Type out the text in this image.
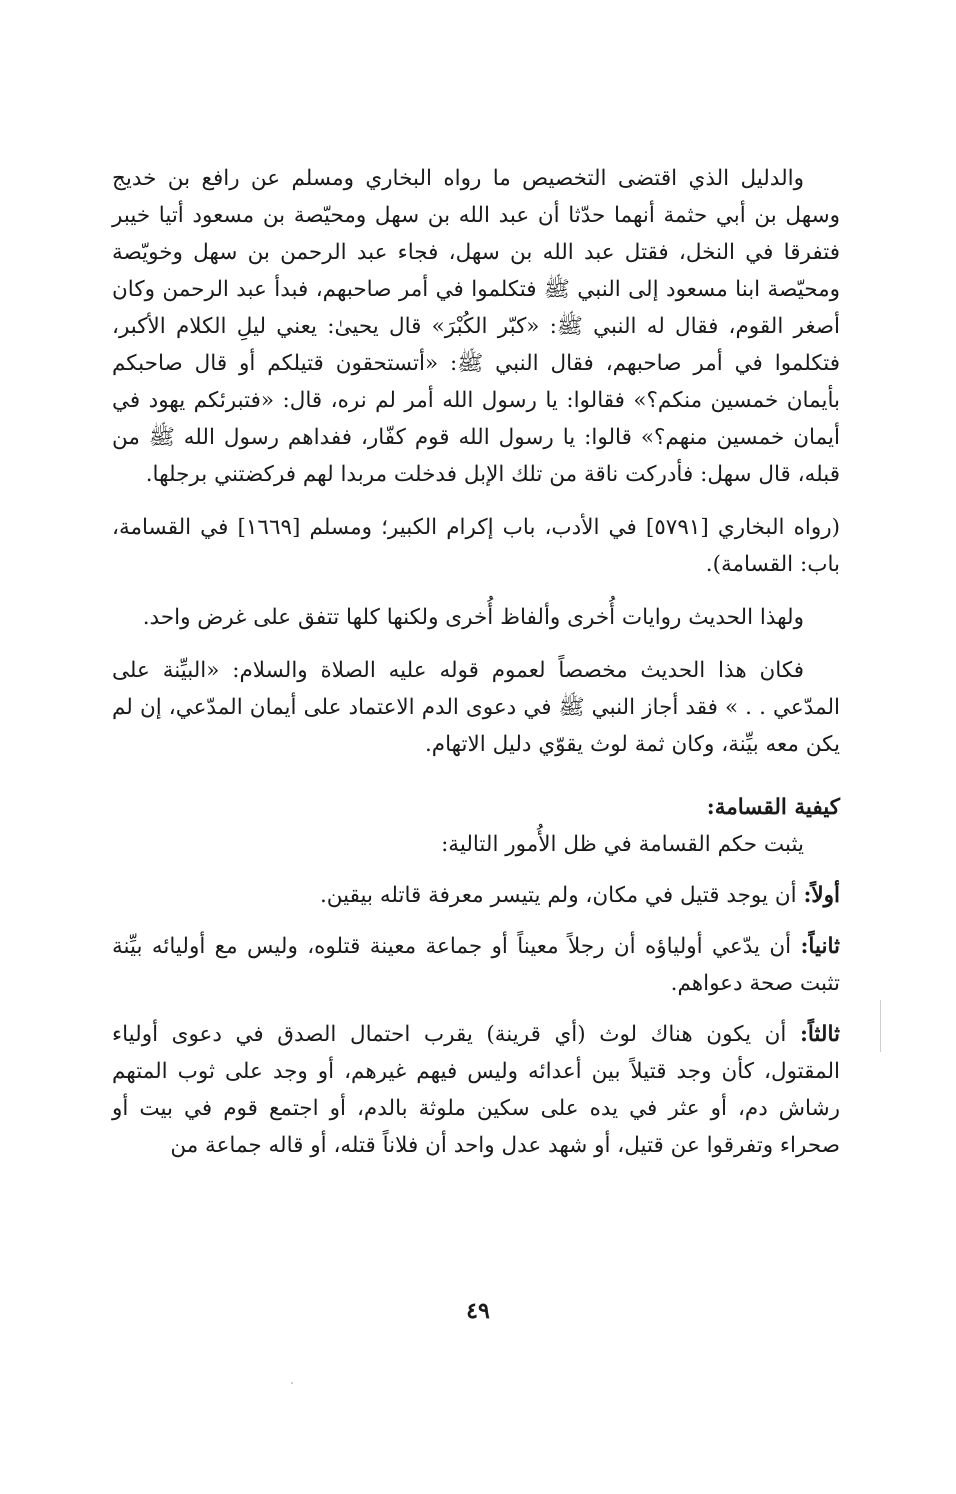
والدليل الذي اقتضى التخصيص ما رواه البخاري ومسلم عن رافع بن خديج وسهل بن أبي حثمة أنهما حدّثا أن عبد الله بن سهل ومحيّصة بن مسعود أتيا خيبر فتفرقا في النخل، فقتل عبد الله بن سهل، فجاء عبد الرحمن بن سهل وخويّصة ومحيّصة ابنا مسعود إلى النبي ﷺ فتكلموا في أمر صاحبهم، فبدأ عبد الرحمن وكان أصغر القوم، فقال له النبي ﷺ: «كبّر الكُبْرَ» قال يحيىٰ: يعني ليلِ الكلام الأكبر، فتكلموا في أمر صاحبهم، فقال النبي ﷺ: «أتستحقون قتيلكم أو قال صاحبكم بأيمان خمسين منكم؟» فقالوا: يا رسول الله أمر لم نره، قال: «فتبرئكم يهود في أيمان خمسين منهم؟» قالوا: يا رسول الله قوم كفّار، ففداهم رسول الله ﷺ من قبله، قال سهل: فأدركت ناقة من تلك الإبل فدخلت مربدا لهم فركضتني برجلها.

(رواه البخاري [٥٧٩١] في الأدب، باب إكرام الكبير؛ ومسلم [١٦٦٩] في القسامة، باب: القسامة).

ولهذا الحديث روايات أُخرى وألفاظ أُخرى ولكنها كلها تتفق على غرض واحد.

فكان هذا الحديث مخصصاً لعموم قوله عليه الصلاة والسلام: «البيِّنة على المدّعي . . » فقد أجاز النبي ﷺ في دعوى الدم الاعتماد على أيمان المدّعي، إن لم يكن معه بيِّنة، وكان ثمة لوث يقوّي دليل الاتهام.

كيفية القسامة:

يثبت حكم القسامة في ظل الأُمور التالية:

أولاً: أن يوجد قتيل في مكان، ولم يتيسر معرفة قاتله بيقين.

ثانياً: أن يدّعي أولياؤه أن رجلاً معيناً أو جماعة معينة قتلوه، وليس مع أوليائه بيِّنة تثبت صحة دعواهم.

ثالثاً: أن يكون هناك لوث (أي قرينة) يقرب احتمال الصدق في دعوى أولياء المقتول، كأن وجد قتيلاً بين أعدائه وليس فيهم غيرهم، أو وجد على ثوب المتهم رشاش دم، أو عثر في يده على سكين ملوثة بالدم، أو اجتمع قوم في بيت أو صحراء وتفرقوا عن قتيل، أو شهد عدل واحد أن فلاناً قتله، أو قاله جماعة من

٤٩
